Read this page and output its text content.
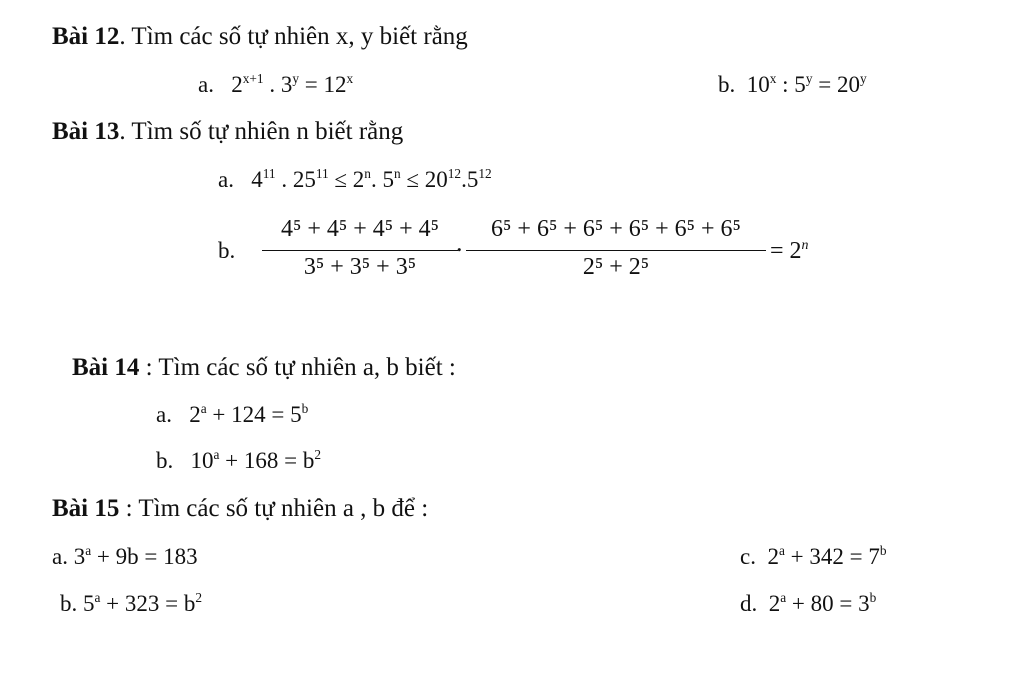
Bài 12. Tìm các số tự nhiên x, y biết rằng
a. $2^{x+1}$ . $3^y = 12^x$	b. 10$^x$ : $5^y = 20^y$
Bài 13. Tìm số tự nhiên n biết rằng
a. $4^{11}$ . $25^{11} \le 2^n$. $5^n \le 20^{12}.5^{12}$
b.
4⁵ + 4⁵ + 4⁵ + 4⁵
3⁵ + 3⁵ + 3⁵
.	6⁵ + 6⁵ + 6⁵ + 6⁵ + 6⁵ + 6⁵
2⁵ + 2⁵
= $2^n$
Bài 14 : Tìm các số tự nhiên a, b biết :
a. $2^a + 124 = 5^b$
b. $10^a + 168 = b^2$
Bài 15 : Tìm các số tự nhiên a , b để :
a. $3^a + 9b = 183$	c. $2^a + 342 = 7^b$
b. $5^a + 323 = b^2$	d. $2^a + 80 = 3^b$
